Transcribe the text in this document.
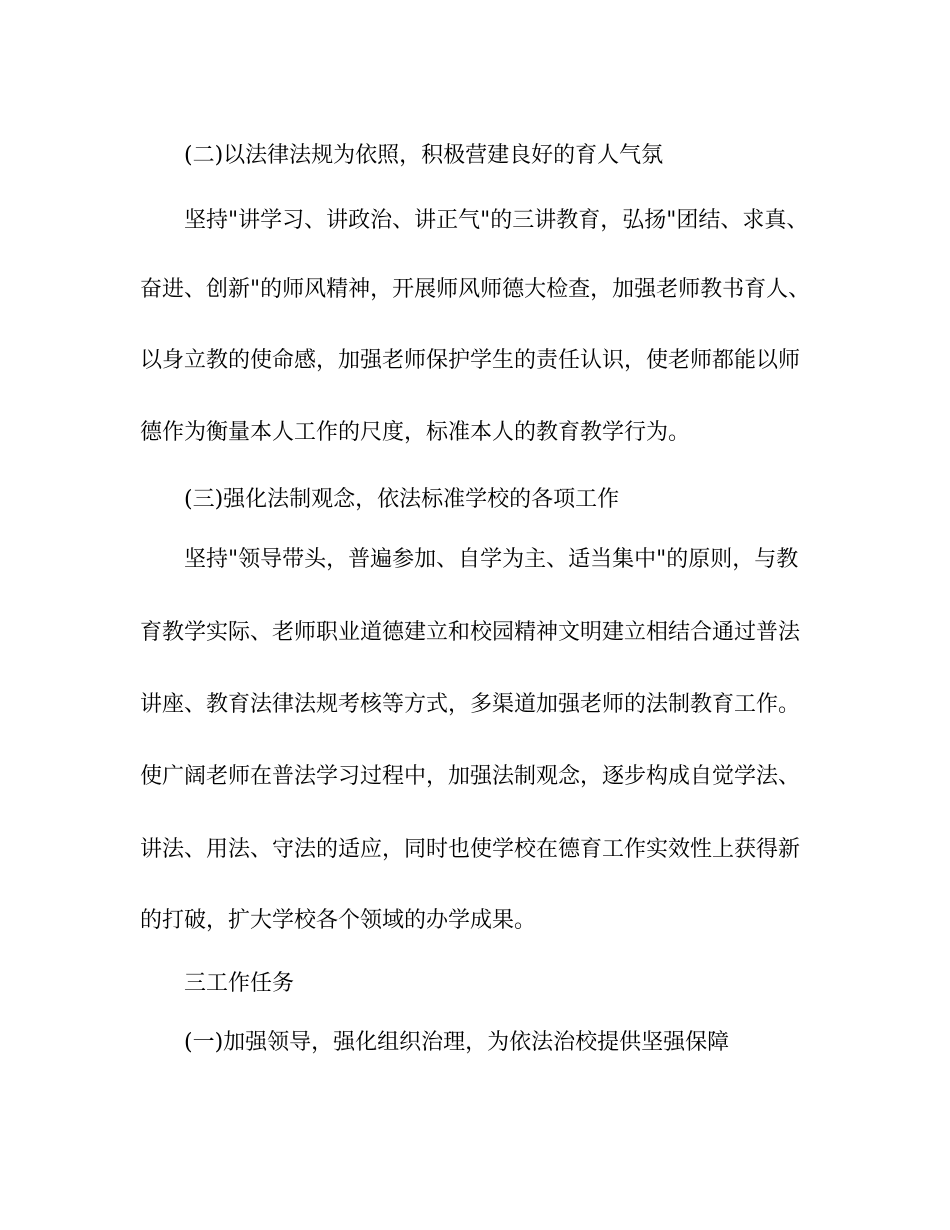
(二)以法律法规为依照，积极营建良好的育人气氛
坚持"讲学习、讲政治、讲正气"的三讲教育，弘扬"团结、求真、
奋进、创新"的师风精神，开展师风师德大检查，加强老师教书育人、
以身立教的使命感，加强老师保护学生的责任认识，使老师都能以师
德作为衡量本人工作的尺度，标准本人的教育教学行为。
(三)强化法制观念，依法标准学校的各项工作
坚持"领导带头，普遍参加、自学为主、适当集中"的原则，与教
育教学实际、老师职业道德建立和校园精神文明建立相结合通过普法
讲座、教育法律法规考核等方式，多渠道加强老师的法制教育工作。
使广阔老师在普法学习过程中，加强法制观念，逐步构成自觉学法、
讲法、用法、守法的适应，同时也使学校在德育工作实效性上获得新
的打破，扩大学校各个领域的办学成果。
三工作任务
(一)加强领导，强化组织治理，为依法治校提供坚强保障
